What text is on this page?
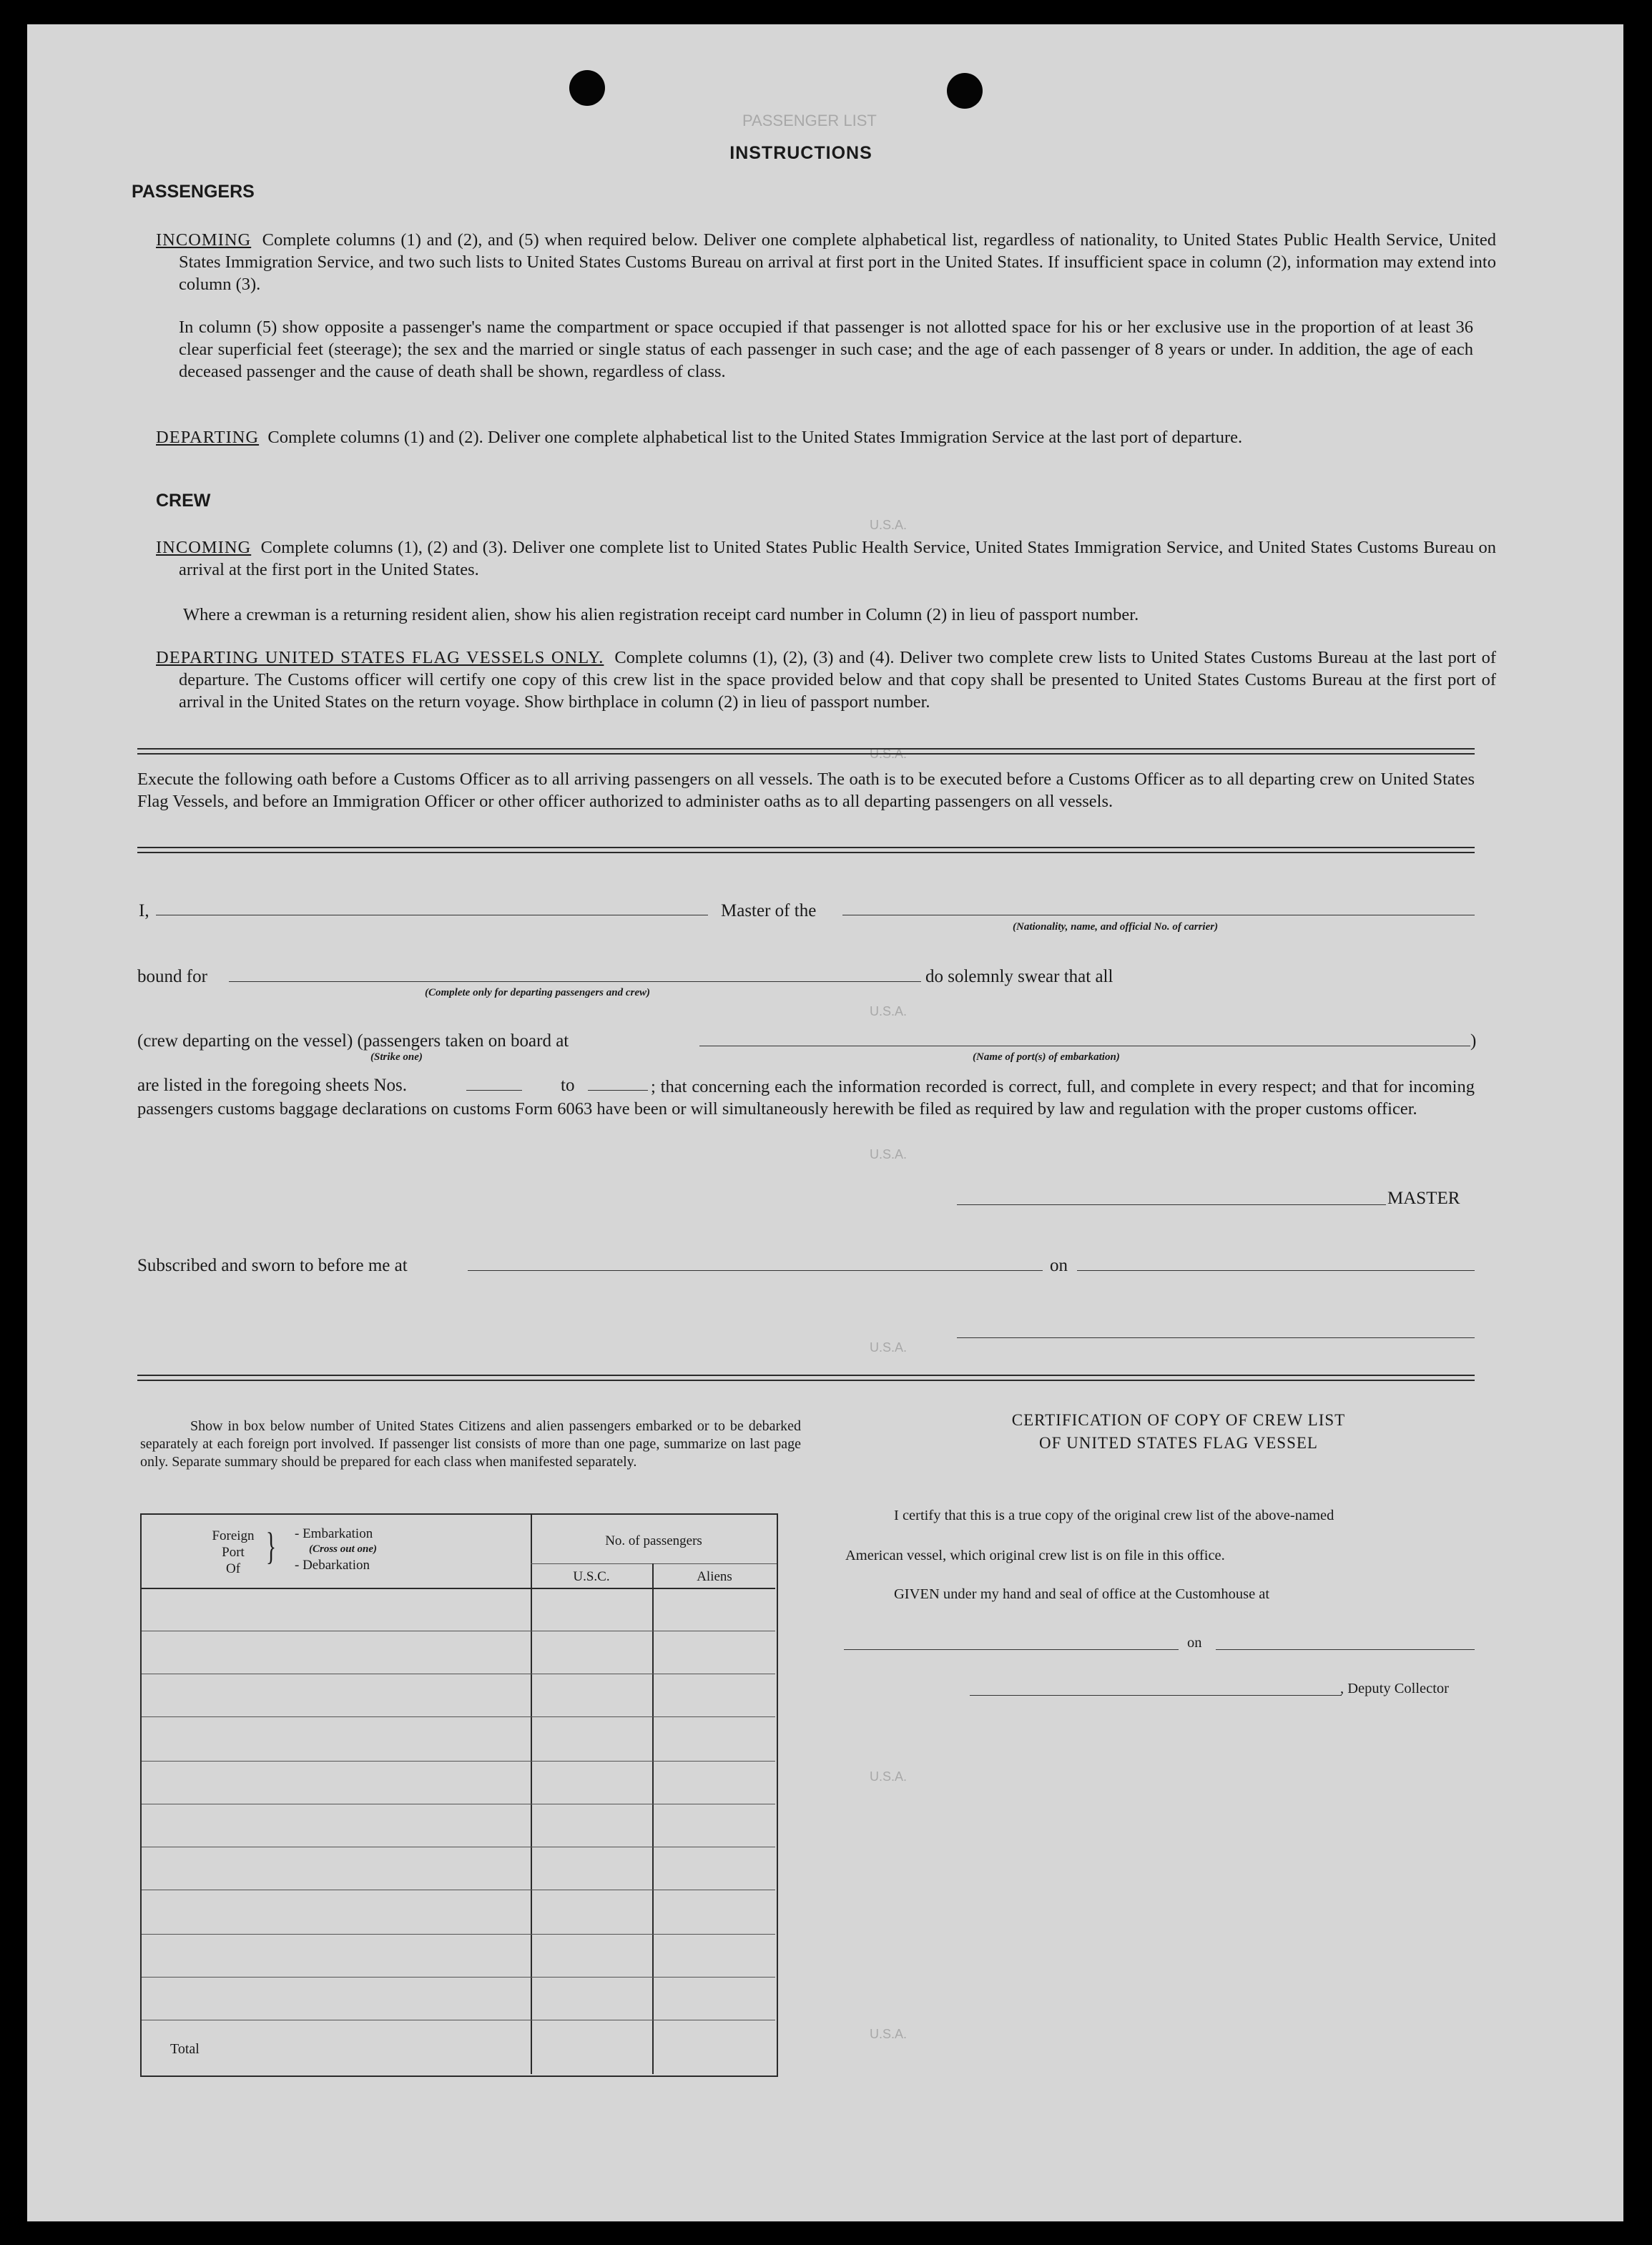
PASSENGER LIST
U.S.A.
U.S.A.
U.S.A.
U.S.A.
U.S.A.
U.S.A.
U.S.A.
INSTRUCTIONS
PASSENGERS
INCOMING Complete columns (1) and (2), and (5) when required below. Deliver one complete alphabetical list, regardless of nationality, to United States Public Health Service, United States Immigration Service, and two such lists to United States Customs Bureau on arrival at first port in the United States. If insufficient space in column (2), information may extend into column (3).
In column (5) show opposite a passenger's name the compartment or space occupied if that passenger is not allotted space for his or her exclusive use in the proportion of at least 36 clear superficial feet (steerage); the sex and the married or single status of each passenger in such case; and the age of each passenger of 8 years or under. In addition, the age of each deceased passenger and the cause of death shall be shown, regardless of class.
DEPARTING Complete columns (1) and (2). Deliver one complete alphabetical list to the United States Immigration Service at the last port of departure.
CREW
INCOMING Complete columns (1), (2) and (3). Deliver one complete list to United States Public Health Service, United States Immigration Service, and United States Customs Bureau on arrival at the first port in the United States.
Where a crewman is a returning resident alien, show his alien registration receipt card number in Column (2) in lieu of passport number.
DEPARTING UNITED STATES FLAG VESSELS ONLY. Complete columns (1), (2), (3) and (4). Deliver two complete crew lists to United States Customs Bureau at the last port of departure. The Customs officer will certify one copy of this crew list in the space provided below and that copy shall be presented to United States Customs Bureau at the first port of arrival in the United States on the return voyage. Show birthplace in column (2) in lieu of passport number.
Execute the following oath before a Customs Officer as to all arriving passengers on all vessels. The oath is to be executed before a Customs Officer as to all departing crew on United States Flag Vessels, and before an Immigration Officer or other officer authorized to administer oaths as to all departing passengers on all vessels.
I,	Master of the
(Nationality, name, and official No. of carrier)
bound for
(Complete only for departing passengers and crew)
do solemnly swear that all
(crew departing on the vessel) (passengers taken on board at
(Strike one)
)
(Name of port(s) of embarkation)
are listed in the foregoing sheets Nos.	to	; that concerning each the information recorded is correct, full, and complete in every respect; and that for incoming passengers customs baggage declarations on customs Form 6063 have been or will simultaneously herewith be filed as required by law and regulation with the proper customs officer.
MASTER
Subscribed and sworn to before me at	on
Show in box below number of United States Citizens and alien passengers embarked or to be debarked separately at each foreign port involved. If passenger list consists of more than one page, summarize on last page only. Separate summary should be prepared for each class when manifested separately.
Foreign
Port
Of
} - Embarkation
(Cross out one)
- Debarkation
No. of passengers
U.S.C.	Aliens
Total
CERTIFICATION OF COPY OF CREW LIST
OF UNITED STATES FLAG VESSEL
I certify that this is a true copy of the original crew list of the above-named
American vessel, which original crew list is on file in this office.
GIVEN under my hand and seal of office at the Customhouse at
on
, Deputy Collector
